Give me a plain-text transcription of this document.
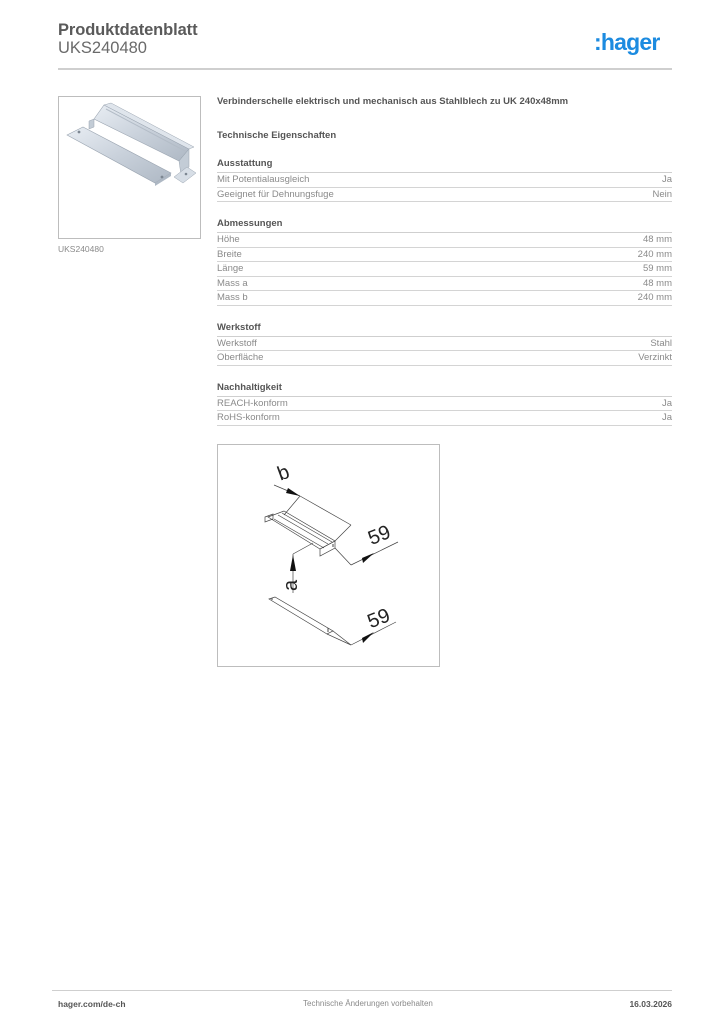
Produktdatenblatt
UKS240480	:hager
UKS240480

Verbinderschelle elektrisch und mechanisch aus Stahlblech zu UK 240x48mm

Technische Eigenschaften
Ausstattung
Mit Potentialausgleich	Ja
Geeignet für Dehnungsfuge	Nein
Abmessungen
Höhe	48 mm
Breite	240 mm
Länge	59 mm
Mass a	48 mm
Mass b	240 mm
Werkstoff
Werkstoff	Stahl
Oberfläche	Verzinkt
Nachhaltigkeit
REACH-konform	Ja
RoHS-konform	Ja
b
59
a
59
hager.com/de-ch	Technische Änderungen vorbehalten	16.03.2026
